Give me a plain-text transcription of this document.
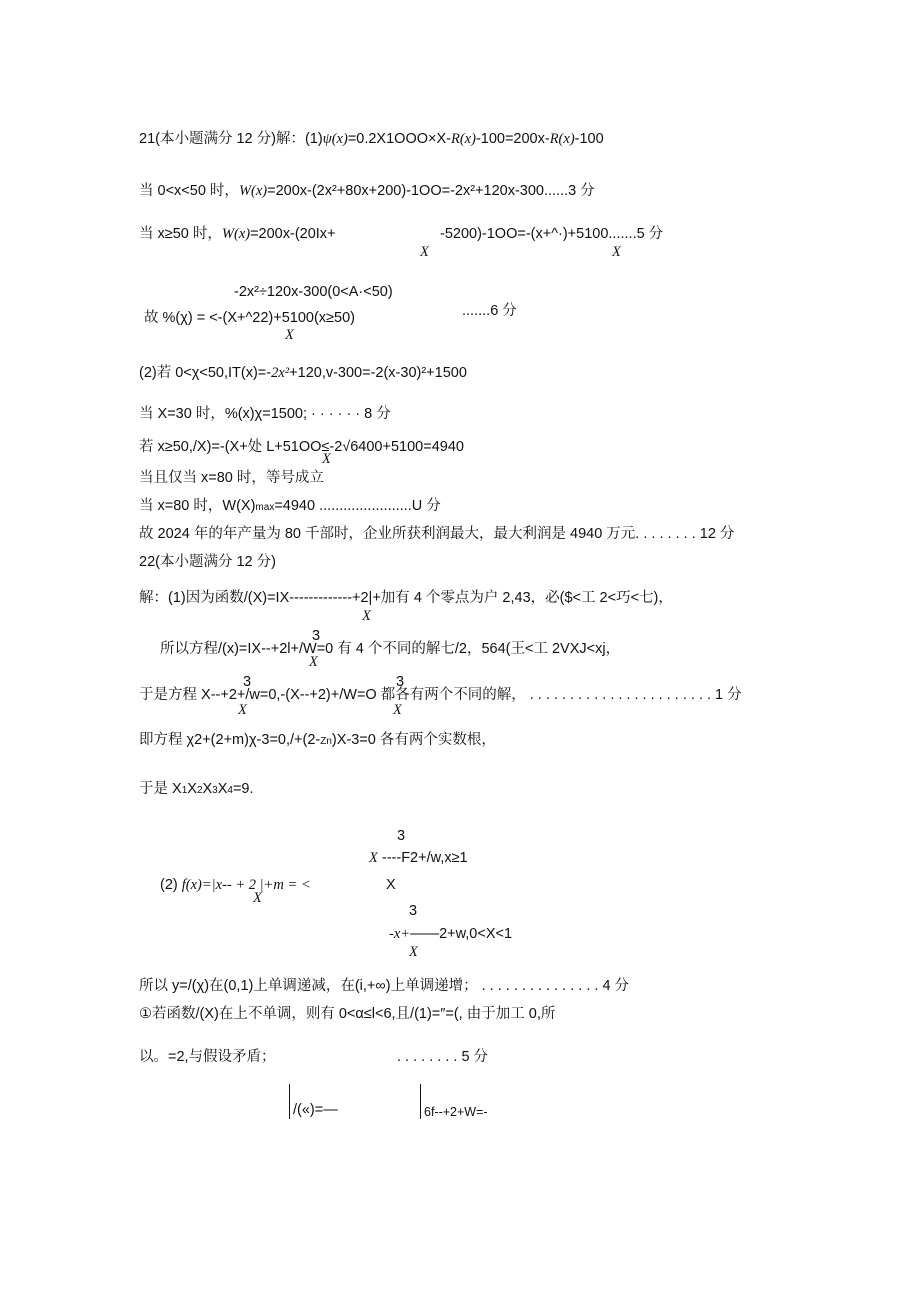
21(本小题满分 12 分)解：(1)ψ(x)=0.2X1OOO×X-R(x)-100=200x-R(x)-100
当 0<x<50 时，W(x)=200x-(2x²+80x+200)-1OO=-2x²+120x-300......3 分
当 x≥50 时，W(x)=200x-(20Ix+	-5200)-1OO=-(x+^·)+5100.......5 分
X	X
-2x²÷120x-300(0<A·<50)
故 %(χ) = <-(X+^22)+5100(x≥50)	.......6 分
X
(2)若 0<χ<50,IT(x)=-2x²+120,v-300=-2(x-30)²+1500
当 X=30 时，%(x)χ=1500; · · · · · · 8 分
若 x≥50,/X)=-(X+处 L+51OO≤-2√6400+5100=4940
X
当且仅当 x=80 时，等号成立
当 x=80 时，W(X)max=4940 .......................U 分
故 2024 年的年产量为 80 千部时，企业所获利润最大，最大利润是 4940 万元. . . . . . . . 12 分
22(本小题满分 12 分)
解：(1)因为函数/(X)=IX-------------+2|+加有 4 个零点为户 2,43，必($<工 2<巧<七)，
X
3
所以方程/(x)=IX--+2l+/W=0 有 4 个不同的解七/2，564(王<工 2VXJ<xj，
X
3	3
于是方程 X--+2+/w=0,-(X--+2)+/W=O 都各有两个不同的解， . . . . . . . . . . . . . . . . . . . . . . . 1 分
X	X
即方程 χ2+(2+m)χ-3=0,/+(2-Zn)X-3=0 各有两个实数根，
于是 X1X2X3X4=9.
3
X ----F2+/w,x≥1
X
(2) f(x)=|x-- + 2 |+m = <
X
3
-x+——2+w,0<X<1
X
所以 y=/(χ)在(0,1)上单调递减，在(i,+∞)上单调递增； . . . . . . . . . . . . . . . 4 分
①若函数/(X)在上不单调，则有 0<α≤l<6,且/(1)=″=(, 由于加工 0,所
以。=2,与假设矛盾；	. . . . . . . . 5 分
/(«)=—	6f--+2+W=-
